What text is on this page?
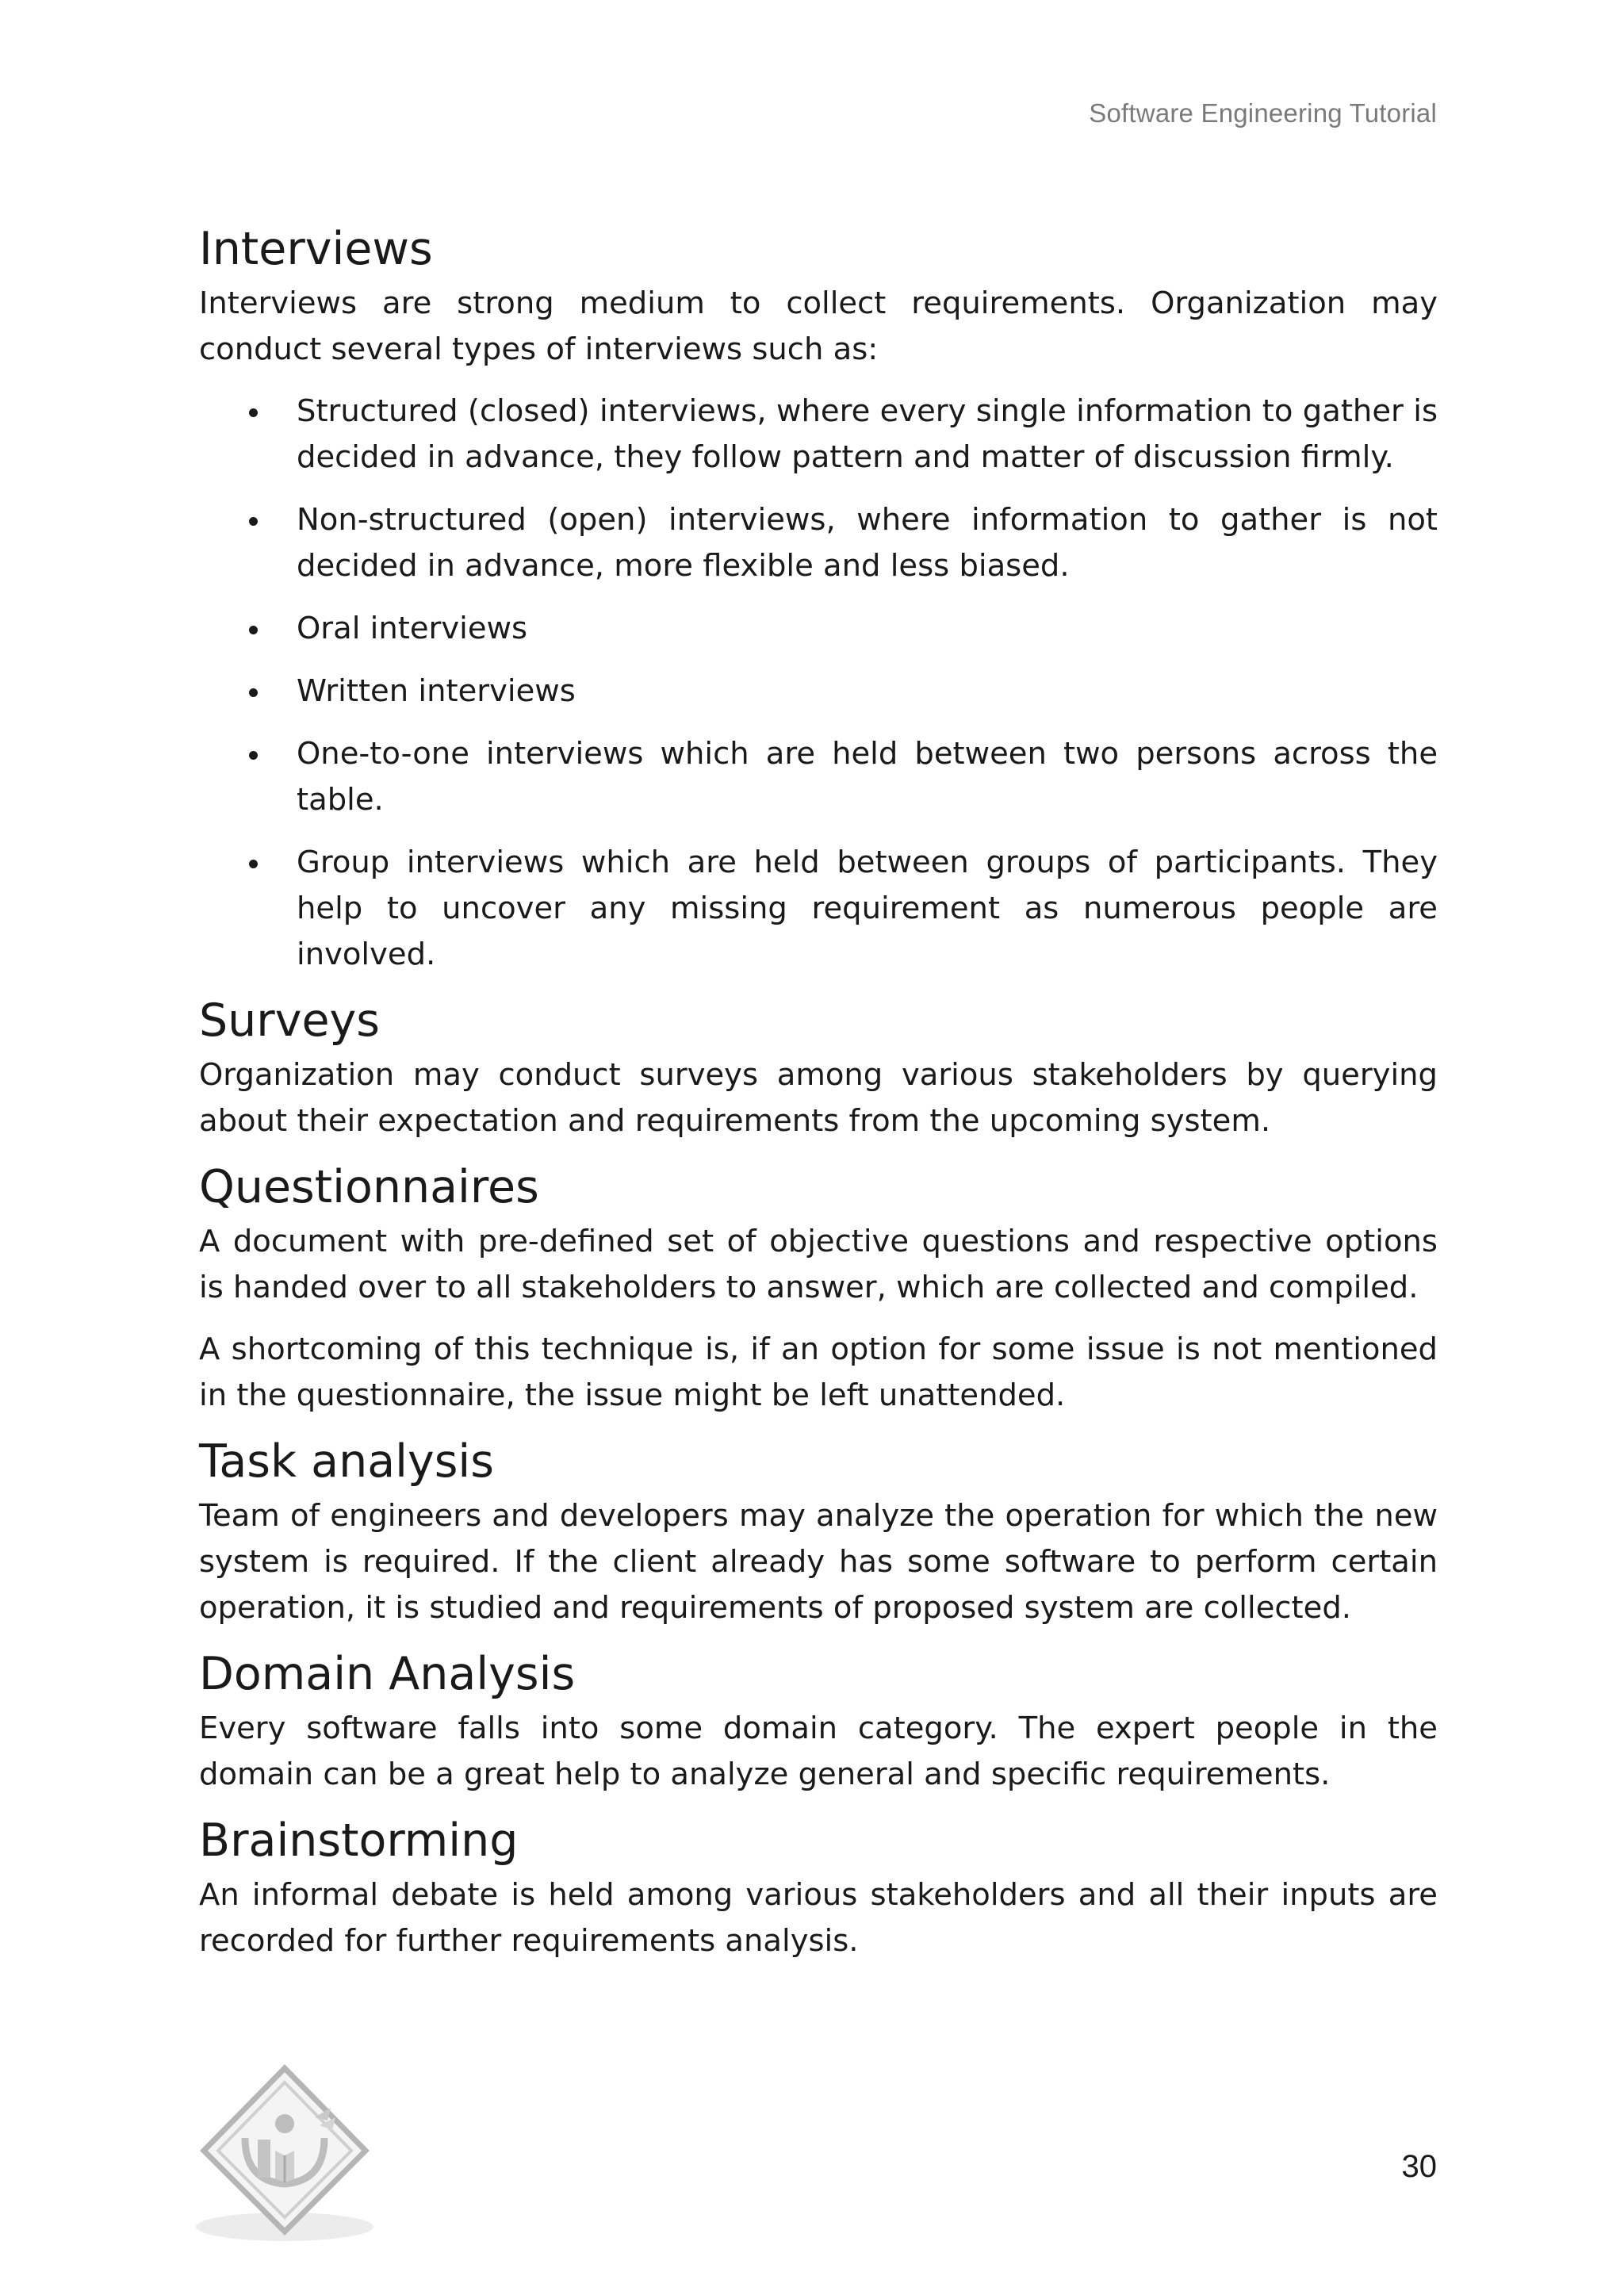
Software Engineering Tutorial
Interviews

Interviews are strong medium to collect requirements. Organization may conduct several types of interviews such as:

Structured (closed) interviews, where every single information to gather is decided in advance, they follow pattern and matter of discussion firmly.
Non-structured (open) interviews, where information to gather is not decided in advance, more flexible and less biased.
Oral interviews
Written interviews
One-to-one interviews which are held between two persons across the table.
Group interviews which are held between groups of participants. They help to uncover any missing requirement as numerous people are involved.
Surveys

Organization may conduct surveys among various stakeholders by querying about their expectation and requirements from the upcoming system.

Questionnaires

A document with pre-defined set of objective questions and respective options is handed over to all stakeholders to answer, which are collected and compiled.

A shortcoming of this technique is, if an option for some issue is not mentioned in the questionnaire, the issue might be left unattended.

Task analysis

Team of engineers and developers may analyze the operation for which the new system is required. If the client already has some software to perform certain operation, it is studied and requirements of proposed system are collected.

Domain Analysis

Every software falls into some domain category. The expert people in the domain can be a great help to analyze general and specific requirements.

Brainstorming

An informal debate is held among various stakeholders and all their inputs are recorded for further requirements analysis.

30
